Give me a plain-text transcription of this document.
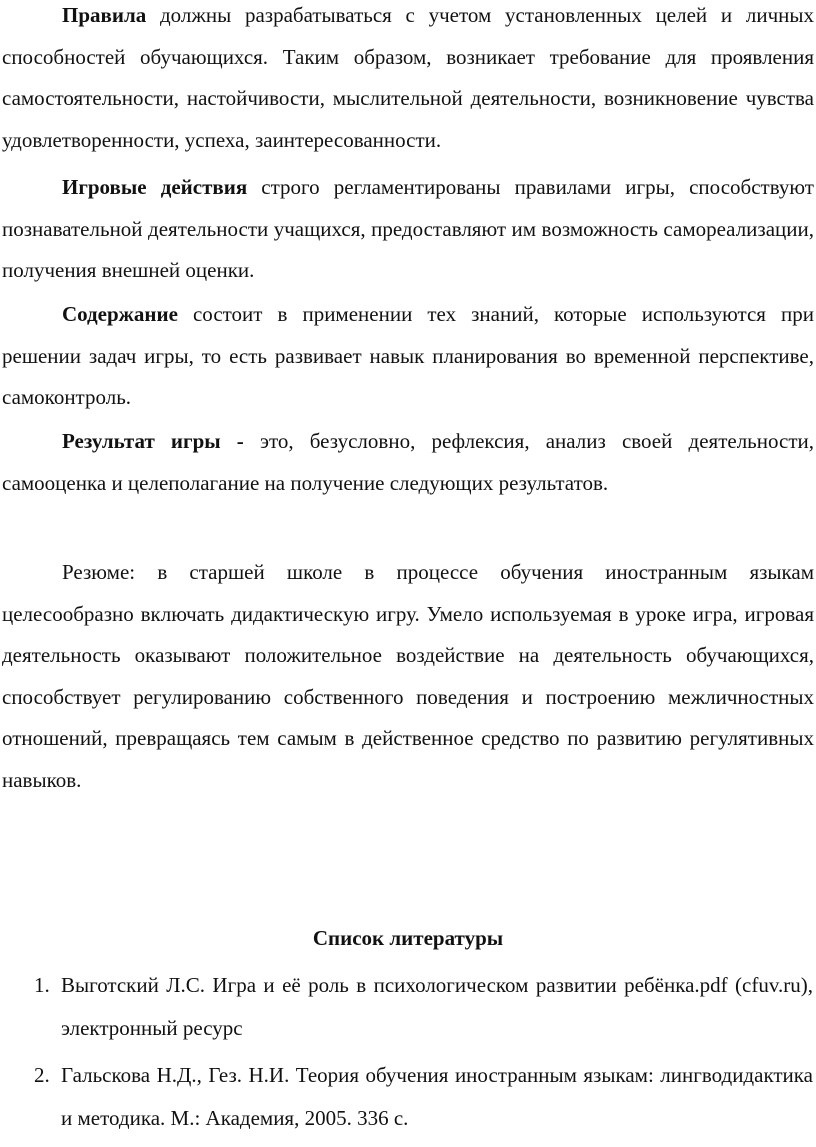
Правила должны разрабатываться с учетом установленных целей и личных способностей обучающихся. Таким образом, возникает требование для проявления самостоятельности, настойчивости, мыслительной деятельности, возникновение чувства удовлетворенности, успеха, заинтересованности.

Игровые действия строго регламентированы правилами игры, способствуют познавательной деятельности учащихся, предоставляют им возможность самореализации, получения внешней оценки.

Содержание состоит в применении тех знаний, которые используются при решении задач игры, то есть развивает навык планирования во временной перспективе, самоконтроль.

Результат игры - это, безусловно, рефлексия, анализ своей деятельности, самооценка и целеполагание на получение следующих результатов.

Резюме: в старшей школе в процессе обучения иностранным языкам целесообразно включать дидактическую игру. Умело используемая в уроке игра, игровая деятельность оказывают положительное воздействие на деятельность обучающихся, способствует регулированию собственного поведения и построению межличностных отношений, превращаясь тем самым в действенное средство по развитию регулятивных навыков.

Список литературы
1. Выготский Л.С. Игра и её роль в психологическом развитии ребёнка.pdf (cfuv.ru), электронный ресурс

2. Гальскова Н.Д., Гез. Н.И. Теория обучения иностранным языкам: лингводидактика и методика. М.: Академия, 2005. 336 с.
